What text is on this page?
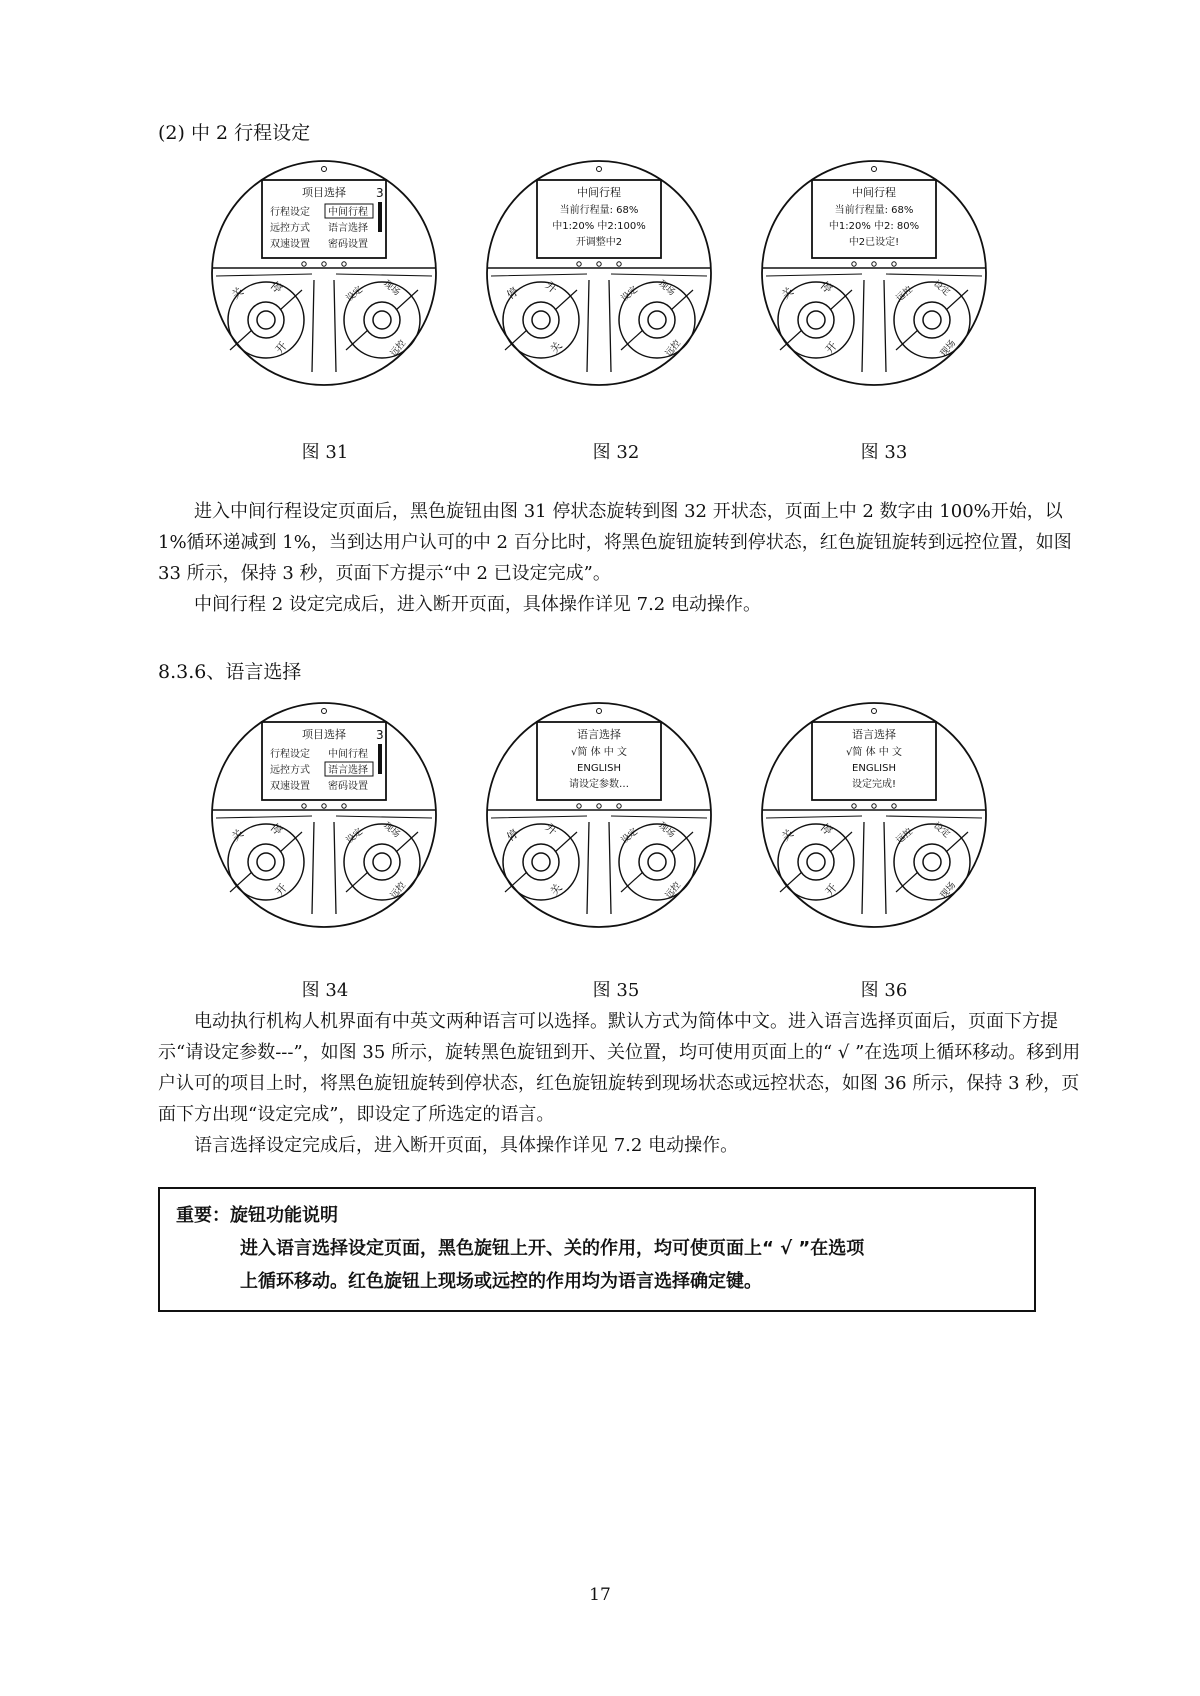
(2) 中 2 行程设定
项目选择	3
行程设定 中间行程
远控方式 语言选择
双速设置 密码设置
关 停
开
设定 现场
远控
中间行程
当前行程量: 68%
中1:20% 中2:100%
开调整中2
停 开
关
设定 现场
远控
中间行程
当前行程量: 68%
中1:20% 中2: 80%
中2已设定!
关 停
开
远控 设定
现场
图 31	图 32	图 33

进入中间行程设定页面后，黑色旋钮由图 31 停状态旋转到图 32 开状态，页面上中 2 数字由 100%开始，以 1%循环递减到 1%，当到达用户认可的中 2 百分比时，将黑色旋钮旋转到停状态，红色旋钮旋转到远控位置，如图 33 所示，保持 3 秒，页面下方提示“中 2 已设定完成”。

中间行程 2 设定完成后，进入断开页面，具体操作详见 7.2 电动操作。

8.3.6、语言选择
项目选择	3
行程设定 中间行程
远控方式 语言选择
双速设置 密码设置
关 停
开
设定 现场
远控
语言选择
√简 体 中 文
ENGLISH
请设定参数…
停 开
关
设定 现场
远控
语言选择
√简 体 中 文
ENGLISH
设定完成!
关 停
开
远控 设定
现场
图 34	图 35	图 36

电动执行机构人机界面有中英文两种语言可以选择。默认方式为简体中文。进入语言选择页面后，页面下方提示“请设定参数---”，如图 35 所示，旋转黑色旋钮到开、关位置，均可使用页面上的“ √ ”在选项上循环移动。移到用户认可的项目上时，将黑色旋钮旋转到停状态，红色旋钮旋转到现场状态或远控状态，如图 36 所示，保持 3 秒，页面下方出现“设定完成”，即设定了所选定的语言。

语言选择设定完成后，进入断开页面，具体操作详见 7.2 电动操作。

重要：旋钮功能说明
进入语言选择设定页面，黑色旋钮上开、关的作用，均可使页面上“ √ ”在选项
上循环移动。红色旋钮上现场或远控的作用均为语言选择确定键。
17
